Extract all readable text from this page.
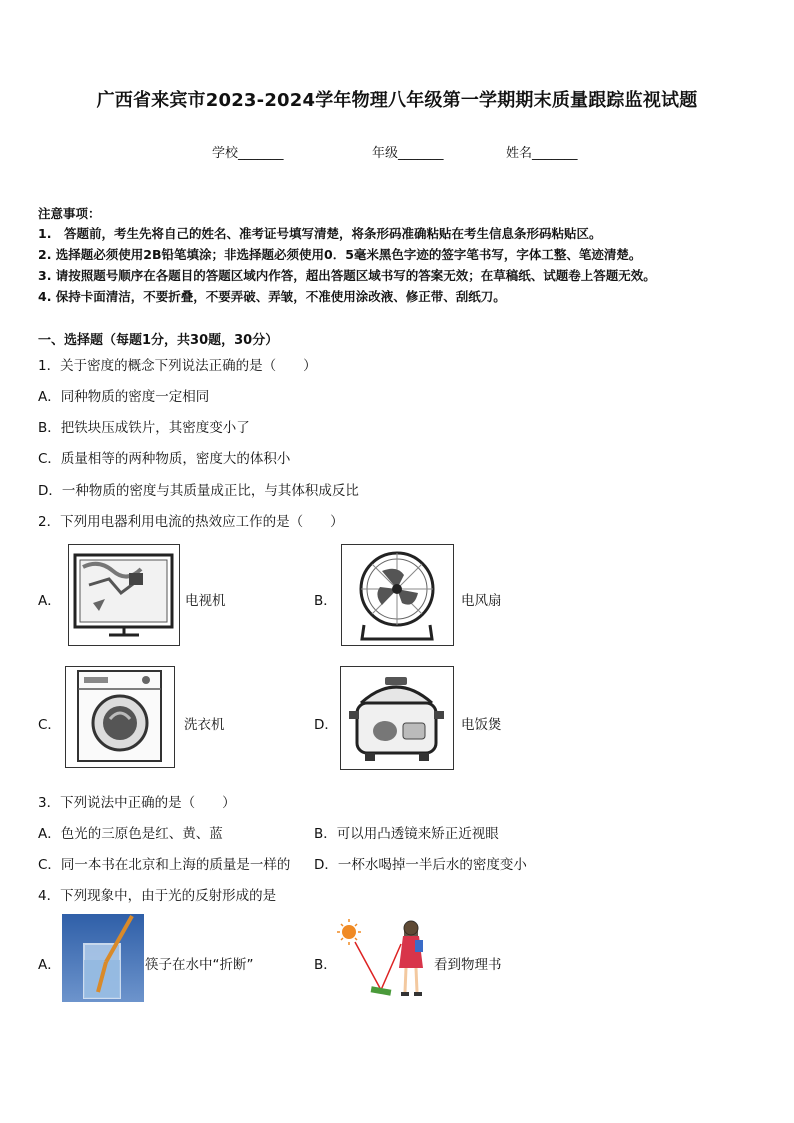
广西省来宾市2023-2024学年物理八年级第一学期期末质量跟踪监视试题
学校_______	年级_______	姓名_______
注意事项：
1.　答题前，考生先将自己的姓名、准考证号填写清楚，将条形码准确粘贴在考生信息条形码粘贴区。
2. 选择题必须使用2B铅笔填涂；非选择题必须使用0．5毫米黑色字迹的签字笔书写，字体工整、笔迹清楚。
3. 请按照题号顺序在各题目的答题区域内作答，超出答题区域书写的答案无效；在草稿纸、试题卷上答题无效。
4. 保持卡面清洁，不要折叠，不要弄破、弄皱，不准使用涂改液、修正带、刮纸刀。
一、选择题（每题1分，共30题，30分）
1．关于密度的概念下列说法正确的是（　　）
A．同种物质的密度一定相同
B．把铁块压成铁片，其密度变小了
C．质量相等的两种物质，密度大的体积小
D．一种物质的密度与其质量成正比，与其体积成反比
2．下列用电器利用电流的热效应工作的是（　　）
A．	电视机	B．	电风扇
C．	洗衣机	D．	电饭煲
3．下列说法中正确的是（　　）
A．色光的三原色是红、黄、蓝	B．可以用凸透镜来矫正近视眼
C．同一本书在北京和上海的质量是一样的 D．一杯水喝掉一半后水的密度变小
4．下列现象中，由于光的反射形成的是
A．	筷子在水中“折断”	B．	看到物理书
